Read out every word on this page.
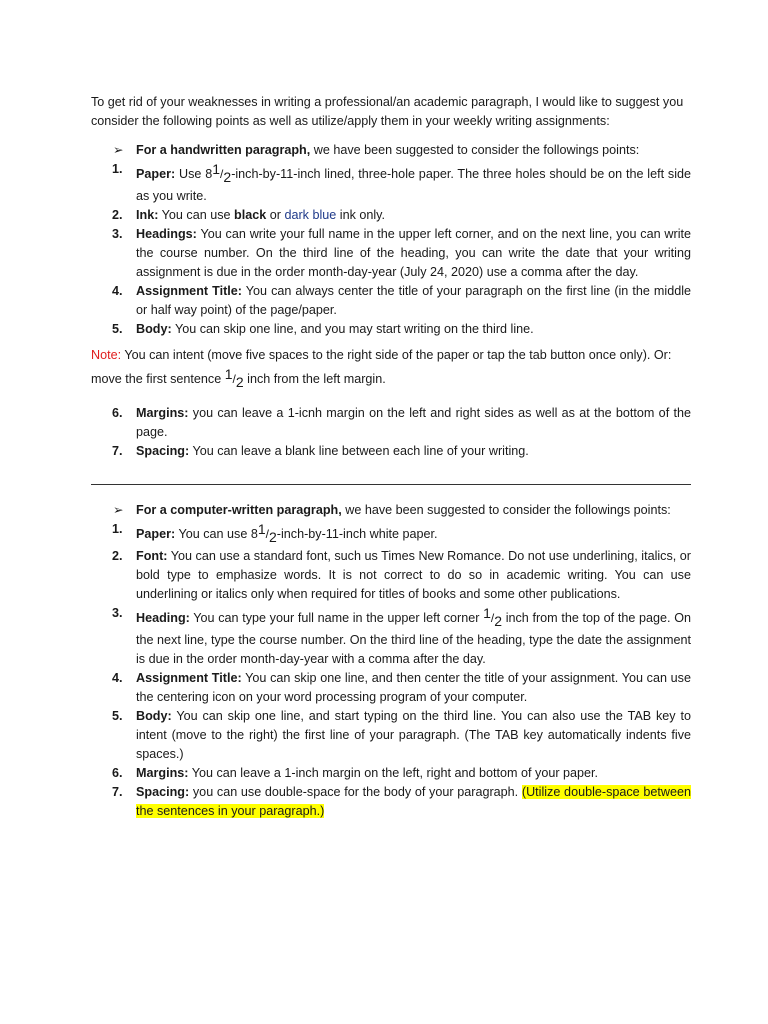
To get rid of your weaknesses in writing a professional/an academic paragraph, I would like to suggest you consider the following points as well as utilize/apply them in your weekly writing assignments:
➢ For a handwritten paragraph, we have been suggested to consider the followings points:
1. Paper: Use $8^1/_2-inch-by-11$-inch lined, three-hole paper. The three holes should be on the left side as you write.
2. Ink: You can use black or dark blue ink only.
3. Headings: You can write your full name in the upper left corner, and on the next line, you can write the course number. On the third line of the heading, you can write the date that your writing assignment is due in the order month-day-year (July 24, 2020) use a comma after the day.
4. Assignment Title: You can always center the title of your paragraph on the first line (in the middle or half way point) of the page/paper.
5. Body: You can skip one line, and you may start writing on the third line.
Note: You can intent (move five spaces to the right side of the paper or tap the tab button once only). Or: move the first sentence $^1/_2$ inch from the left margin.
6. Margins: you can leave a 1-icnh margin on the left and right sides as well as at the bottom of the page.
7. Spacing: You can leave a blank line between each line of your writing.
➢ For a computer-written paragraph, we have been suggested to consider the followings points:
1. Paper: You can use $8^1/_2-inch-by-11$-inch white paper.
2. Font: You can use a standard font, such us Times New Romance. Do not use underlining, italics, or bold type to emphasize words. It is not correct to do so in academic writing. You can use underlining or italics only when required for titles of books and some other publications.
3. Heading: You can type your full name in the upper left corner $^1/_2$ inch from the top of the page. On the next line, type the course number. On the third line of the heading, type the date the assignment is due in the order month-day-year with a comma after the day.
4. Assignment Title: You can skip one line, and then center the title of your assignment. You can use the centering icon on your word processing program of your computer.
5. Body: You can skip one line, and start typing on the third line. You can also use the TAB key to intent (move to the right) the first line of your paragraph. (The TAB key automatically indents five spaces.)
6. Margins: You can leave a 1-inch margin on the left, right and bottom of your paper.
7. Spacing: you can use double-space for the body of your paragraph. (Utilize double-space between the sentences in your paragraph.)
